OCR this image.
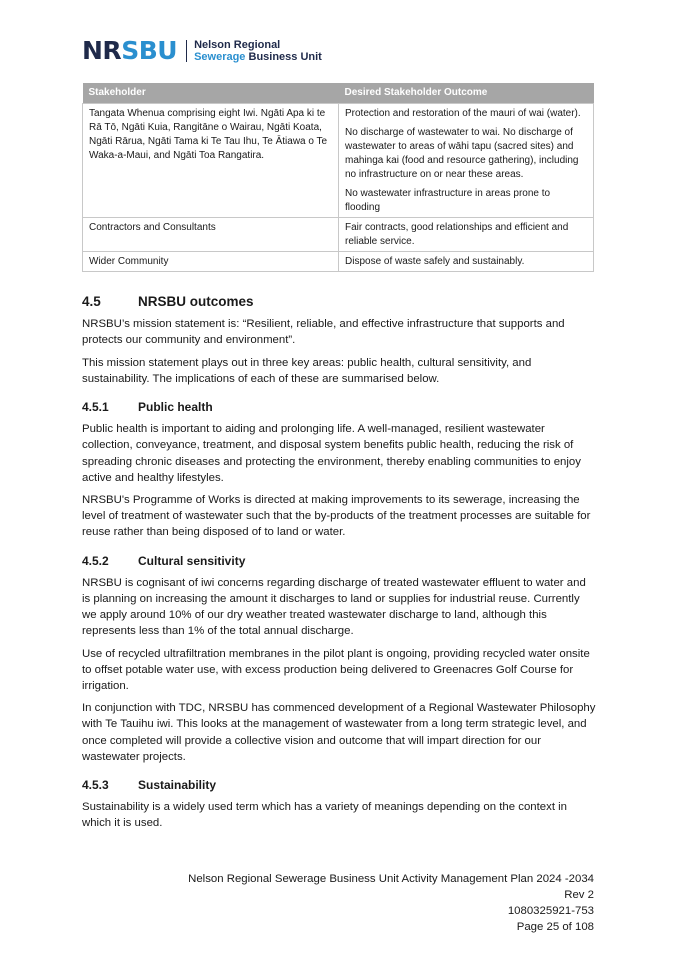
NRSBU Nelson Regional
Sewerage Business Unit
Stakeholder	Desired Stakeholder Outcome

Tangata Whenua comprising eight Iwi. Ngāti Apa ki te Rā Tō, Ngāti Kuia, Rangitāne o Wairau, Ngāti Koata, Ngāti Rārua, Ngāti Tama ki Te Tau Ihu, Te Ātiawa o Te Waka-a-Maui, and Ngāti Toa Rangatira.	Protection and restoration of the mauri of wai (water).

No discharge of wastewater to wai. No discharge of wastewater to areas of wāhi tapu (sacred sites) and mahinga kai (food and resource gathering), including no infrastructure on or near these areas.

No wastewater infrastructure in areas prone to flooding

Contractors and Consultants	Fair contracts, good relationships and efficient and reliable service.

Wider Community	Dispose of waste safely and sustainably.

4.5	NRSBU outcomes

NRSBU’s mission statement is: “Resilient, reliable, and effective infrastructure that supports and protects our community and environment”.

This mission statement plays out in three key areas: public health, cultural sensitivity, and sustainability. The implications of each of these are summarised below.

4.5.1	Public health

Public health is important to aiding and prolonging life. A well-managed, resilient wastewater collection, conveyance, treatment, and disposal system benefits public health, reducing the risk of spreading chronic diseases and protecting the environment, thereby enabling communities to enjoy active and healthy lifestyles.

NRSBU's Programme of Works is directed at making improvements to its sewerage, increasing the level of treatment of wastewater such that the by-products of the treatment processes are suitable for reuse rather than being disposed of to land or water.

4.5.2	Cultural sensitivity

NRSBU is cognisant of iwi concerns regarding discharge of treated wastewater effluent to water and is planning on increasing the amount it discharges to land or supplies for industrial reuse. Currently we apply around 10% of our dry weather treated wastewater discharge to land, although this represents less than 1% of the total annual discharge.

Use of recycled ultrafiltration membranes in the pilot plant is ongoing, providing recycled water onsite to offset potable water use, with excess production being delivered to Greenacres Golf Course for irrigation.

In conjunction with TDC, NRSBU has commenced development of a Regional Wastewater Philosophy with Te Tauihu iwi. This looks at the management of wastewater from a long term strategic level, and once completed will provide a collective vision and outcome that will impart direction for our wastewater projects.

4.5.3	Sustainability

Sustainability is a widely used term which has a variety of meanings depending on the context in which it is used.

Nelson Regional Sewerage Business Unit Activity Management Plan 2024 -2034
Rev 2
1080325921-753
Page 25 of 108
